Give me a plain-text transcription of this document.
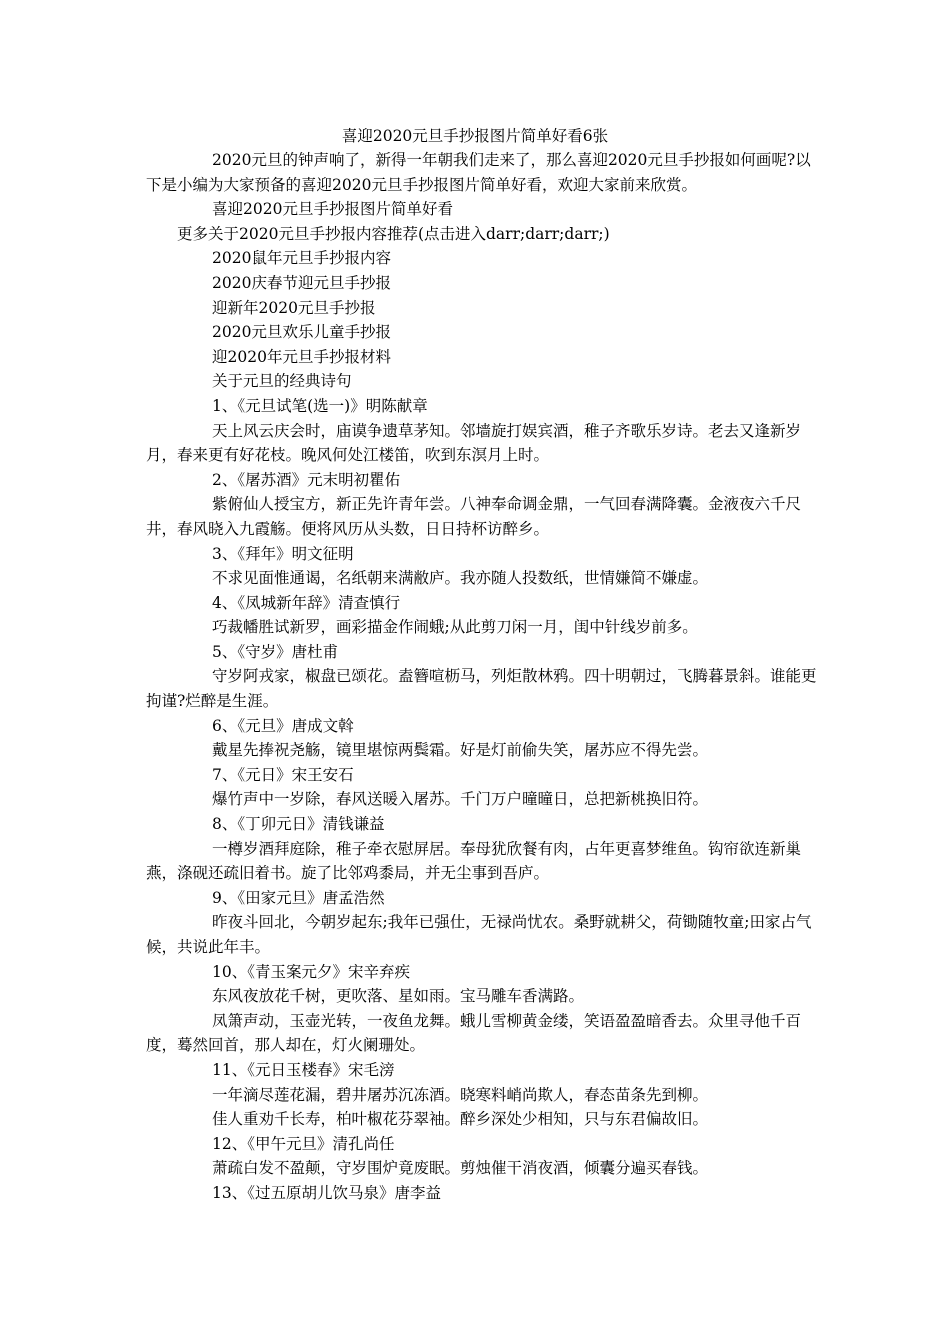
喜迎2020元旦手抄报图片简单好看6张

2020元旦的钟声响了，新得一年朝我们走来了，那么喜迎2020元旦手抄报如何画呢?以下是小编为大家预备的喜迎2020元旦手抄报图片简单好看，欢迎大家前来欣赏。

喜迎2020元旦手抄报图片简单好看

更多关于2020元旦手抄报内容推荐(点击进入darr;darr;darr;)

2020鼠年元旦手抄报内容

2020庆春节迎元旦手抄报

迎新年2020元旦手抄报

2020元旦欢乐儿童手抄报

迎2020年元旦手抄报材料

关于元旦的经典诗句

1、《元旦试笔(选一)》明陈献章

天上风云庆会时，庙谟争遗草茅知。邻墙旋打娱宾酒，稚子齐歌乐岁诗。老去又逢新岁月，春来更有好花枝。晚风何处江楼笛，吹到东溟月上时。

2、《屠苏酒》元末明初瞿佑

紫俯仙人授宝方，新正先许青年尝。八神奉命调金鼎，一气回春满降囊。金液夜六千尺井，春风晓入九霞觞。便将风历从头数，日日持杯访醉乡。

3、《拜年》明文征明

不求见面惟通谒，名纸朝来满敝庐。我亦随人投数纸，世情嫌简不嫌虚。

4、《凤城新年辞》清查慎行

巧裁幡胜试新罗，画彩描金作闹蛾;从此剪刀闲一月，闺中针线岁前多。

5、《守岁》唐杜甫

守岁阿戎家，椒盘已颂花。盍簪喧枥马，列炬散林鸦。四十明朝过，飞腾暮景斜。谁能更拘谨?烂醉是生涯。

6、《元旦》唐成文斡

戴星先捧祝尧觞，镜里堪惊两鬓霜。好是灯前偷失笑，屠苏应不得先尝。

7、《元日》宋王安石

爆竹声中一岁除，春风送暖入屠苏。千门万户曈曈日，总把新桃换旧符。

8、《丁卯元日》清钱谦益

一樽岁酒拜庭除，稚子牵衣慰屏居。奉母犹欣餐有肉，占年更喜梦维鱼。钩帘欲连新巢燕，涤砚还疏旧着书。旋了比邻鸡黍局，并无尘事到吾庐。

9、《田家元旦》唐孟浩然

昨夜斗回北，今朝岁起东;我年已强仕，无禄尚忧农。桑野就耕父，荷锄随牧童;田家占气候，共说此年丰。

10、《青玉案元夕》宋辛弃疾

东风夜放花千树，更吹落、星如雨。宝马雕车香满路。

凤箫声动，玉壶光转，一夜鱼龙舞。蛾儿雪柳黄金缕，笑语盈盈暗香去。众里寻他千百度，蓦然回首，那人却在，灯火阑珊处。

11、《元日玉楼春》宋毛滂

一年滴尽莲花漏，碧井屠苏沉冻酒。晓寒料峭尚欺人，春态苗条先到柳。

佳人重劝千长寿，柏叶椒花芬翠袖。醉乡深处少相知，只与东君偏故旧。

12、《甲午元旦》清孔尚任

萧疏白发不盈颠，守岁围炉竟废眠。剪烛催干消夜酒，倾囊分遍买春钱。

13、《过五原胡儿饮马泉》唐李益
